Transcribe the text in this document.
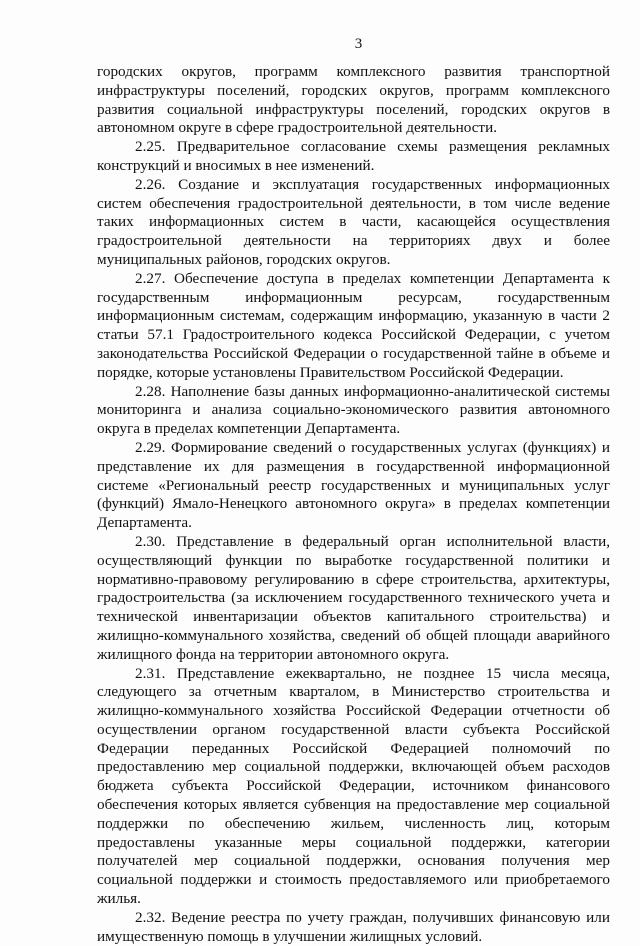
3

городских округов, программ комплексного развития транспортной инфраструктуры поселений, городских округов, программ комплексного развития социальной инфраструктуры поселений, городских округов в автономном округе в сфере градостроительной деятельности.

2.25. Предварительное согласование схемы размещения рекламных конструкций и вносимых в нее изменений.

2.26. Создание и эксплуатация государственных информационных систем обеспечения градостроительной деятельности, в том числе ведение таких информационных систем в части, касающейся осуществления градостроительной деятельности на территориях двух и более муниципальных районов, городских округов.

2.27. Обеспечение доступа в пределах компетенции Департамента к государственным информационным ресурсам, государственным информационным системам, содержащим информацию, указанную в части 2 статьи 57.1 Градостроительного кодекса Российской Федерации, с учетом законодательства Российской Федерации о государственной тайне в объеме и порядке, которые установлены Правительством Российской Федерации.

2.28. Наполнение базы данных информационно-аналитической системы мониторинга и анализа социально-экономического развития автономного округа в пределах компетенции Департамента.

2.29. Формирование сведений о государственных услугах (функциях) и представление их для размещения в государственной информационной системе «Региональный реестр государственных и муниципальных услуг (функций) Ямало-Ненецкого автономного округа» в пределах компетенции Департамента.

2.30. Представление в федеральный орган исполнительной власти, осуществляющий функции по выработке государственной политики и нормативно-правовому регулированию в сфере строительства, архитектуры, градостроительства (за исключением государственного технического учета и технической инвентаризации объектов капитального строительства) и жилищно-коммунального хозяйства, сведений об общей площади аварийного жилищного фонда на территории автономного округа.

2.31. Представление ежеквартально, не позднее 15 числа месяца, следующего за отчетным кварталом, в Министерство строительства и жилищно-коммунального хозяйства Российской Федерации отчетности об осуществлении органом государственной власти субъекта Российской Федерации переданных Российской Федерацией полномочий по предоставлению мер социальной поддержки, включающей объем расходов бюджета субъекта Российской Федерации, источником финансового обеспечения которых является субвенция на предоставление мер социальной поддержки по обеспечению жильем, численность лиц, которым предоставлены указанные меры социальной поддержки, категории получателей мер социальной поддержки, основания получения мер социальной поддержки и стоимость предоставляемого или приобретаемого жилья.

2.32. Ведение реестра по учету граждан, получивших финансовую или имущественную помощь в улучшении жилищных условий.
